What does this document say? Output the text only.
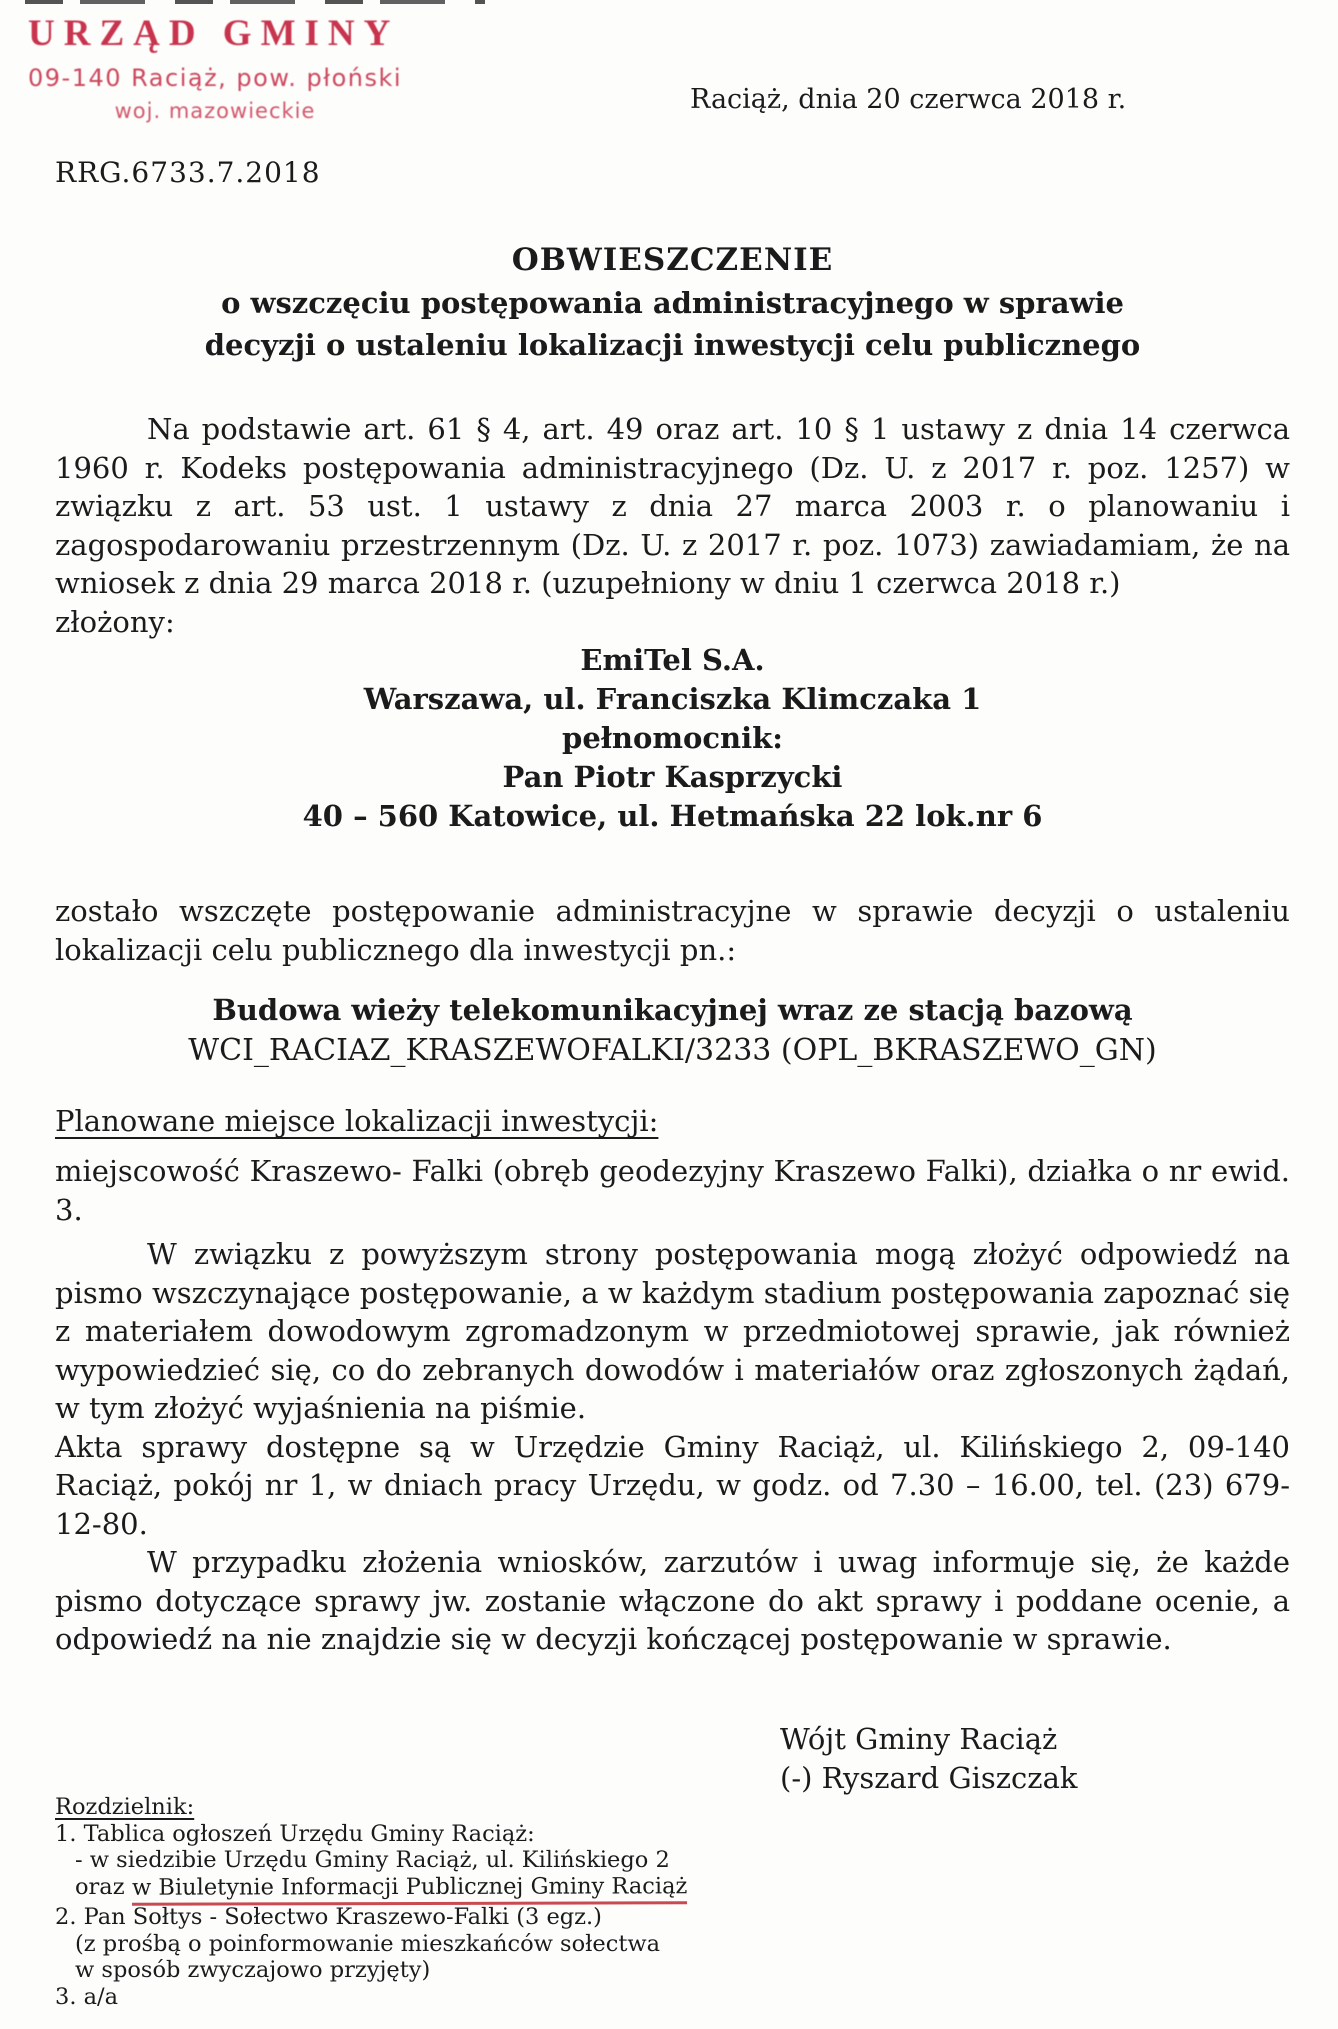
URZĄD GMINY
09-140 Raciąż, pow. płoński
woj. mazowieckie	Raciąż, dnia 20 czerwca 2018 r.
RRG.6733.7.2018
OBWIESZCZENIE
o wszczęciu postępowania administracyjnego w sprawie
decyzji o ustaleniu lokalizacji inwestycji celu publicznego

Na podstawie art. 61 § 4, art. 49 oraz art. 10 § 1 ustawy z dnia 14 czerwca 1960 r. Kodeks postępowania administracyjnego (Dz. U. z 2017 r. poz. 1257) w związku z art. 53 ust. 1 ustawy z dnia 27 marca 2003 r. o planowaniu i zagospodarowaniu przestrzennym (Dz. U. z 2017 r. poz. 1073) zawiadamiam, że na wniosek z dnia 29 marca 2018 r. (uzupełniony w dniu 1 czerwca 2018 r.)

złożony:

EmiTel S.A.
Warszawa, ul. Franciszka Klimczaka 1
pełnomocnik:
Pan Piotr Kasprzycki
40 – 560 Katowice, ul. Hetmańska 22 lok.nr 6

zostało wszczęte postępowanie administracyjne w sprawie decyzji o ustaleniu lokalizacji celu publicznego dla inwestycji pn.:

Budowa wieży telekomunikacyjnej wraz ze stacją bazową
WCI_RACIAZ_KRASZEWOFALKI/3233 (OPL_BKRASZEWO_GN)
Planowane miejsce lokalizacji inwestycji:

miejscowość Kraszewo- Falki (obręb geodezyjny Kraszewo Falki), działka o nr ewid. 3.

W związku z powyższym strony postępowania mogą złożyć odpowiedź na pismo wszczynające postępowanie, a w każdym stadium postępowania zapoznać się z materiałem dowodowym zgromadzonym w przedmiotowej sprawie, jak również wypowiedzieć się, co do zebranych dowodów i materiałów oraz zgłoszonych żądań, w tym złożyć wyjaśnienia na piśmie.

Akta sprawy dostępne są w Urzędzie Gminy Raciąż, ul. Kilińskiego 2, 09-140 Raciąż, pokój nr 1, w dniach pracy Urzędu, w godz. od 7.30 – 16.00, tel. (23) 679-12-80.

W przypadku złożenia wniosków, zarzutów i uwag informuje się, że każde pismo dotyczące sprawy jw. zostanie włączone do akt sprawy i poddane ocenie, a odpowiedź na nie znajdzie się w decyzji kończącej postępowanie w sprawie.

Wójt Gminy Raciąż
(-) Ryszard Giszczak
Rozdzielnik:
1. Tablica ogłoszeń Urzędu Gminy Raciąż:
- w siedzibie Urzędu Gminy Raciąż, ul. Kilińskiego 2
oraz w Biuletynie Informacji Publicznej Gminy Raciąż
2. Pan Sołtys - Sołectwo Kraszewo-Falki (3 egz.)
(z prośbą o poinformowanie mieszkańców sołectwa
w sposób zwyczajowo przyjęty)
3. a/a
